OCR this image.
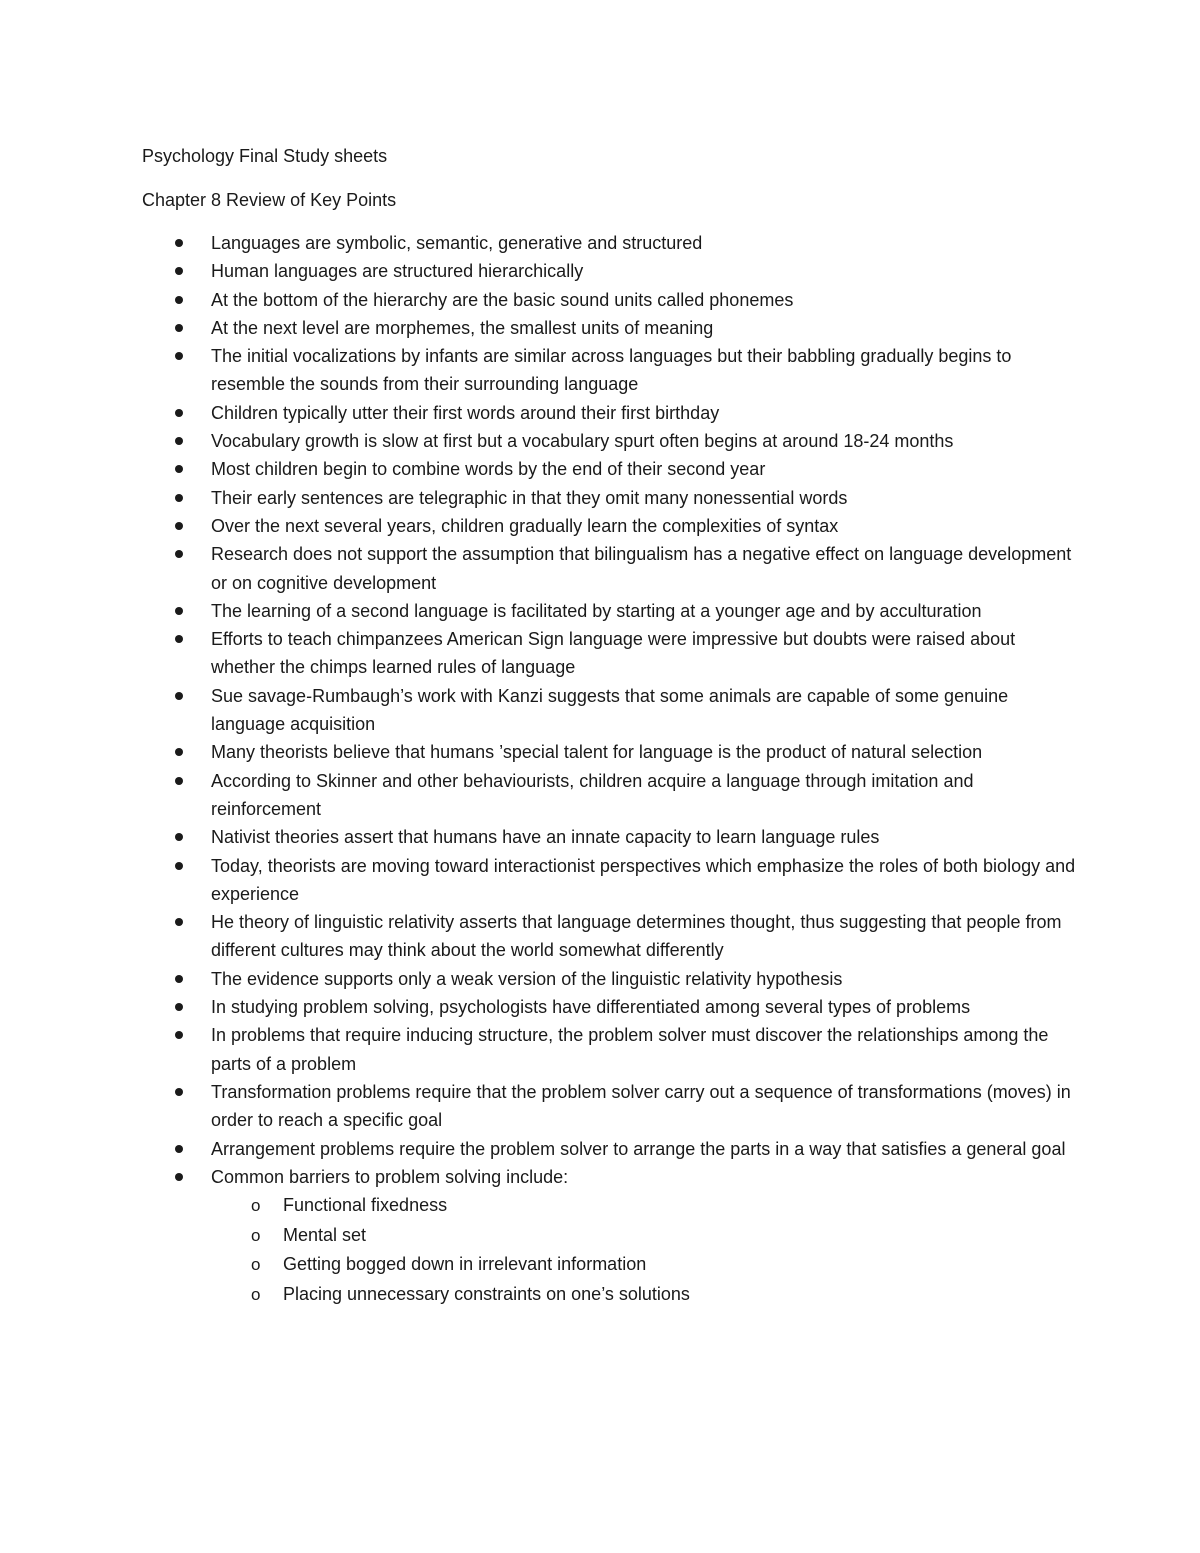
Psychology Final Study sheets
Chapter 8 Review of Key Points
Languages are symbolic, semantic, generative and structured
Human languages are structured hierarchically
At the bottom of the hierarchy are the basic sound units called phonemes
At the next level are morphemes, the smallest units of meaning
The initial vocalizations by infants are similar across languages but their babbling gradually begins to resemble the sounds from their surrounding language
Children typically utter their first words around their first birthday
Vocabulary growth is slow at first but a vocabulary spurt often begins at around 18-24 months
Most children begin to combine words by the end of their second year
Their early sentences are telegraphic in that they omit many nonessential words
Over the next several years, children gradually learn the complexities of syntax
Research does not support the assumption that bilingualism has a negative effect on language development or on cognitive development
The learning of a second language is facilitated by starting at a younger age and by acculturation
Efforts to teach chimpanzees American Sign language were impressive but doubts were raised about whether the chimps learned rules of language
Sue savage-Rumbaugh’s work with Kanzi suggests that some animals are capable of some genuine language acquisition
Many theorists believe that humans ’special talent for language is the product of natural selection
According to Skinner and other behaviourists, children acquire a language through imitation and reinforcement
Nativist theories assert that humans have an innate capacity to learn language rules
Today, theorists are moving toward interactionist perspectives which emphasize the roles of both biology and experience
He theory of linguistic relativity asserts that language determines thought, thus suggesting that people from different cultures may think about the world somewhat differently
The evidence supports only a weak version of the linguistic relativity hypothesis
In studying problem solving, psychologists have differentiated among several types of problems
In problems that require inducing structure, the problem solver must discover the relationships among the parts of a problem
Transformation problems require that the problem solver carry out a sequence of transformations (moves) in order to reach a specific goal
Arrangement problems require the problem solver to arrange the parts in a way that satisfies a general goal
Common barriers to problem solving include:
o Functional fixedness
o Mental set
o Getting bogged down in irrelevant information
o Placing unnecessary constraints on one’s solutions
